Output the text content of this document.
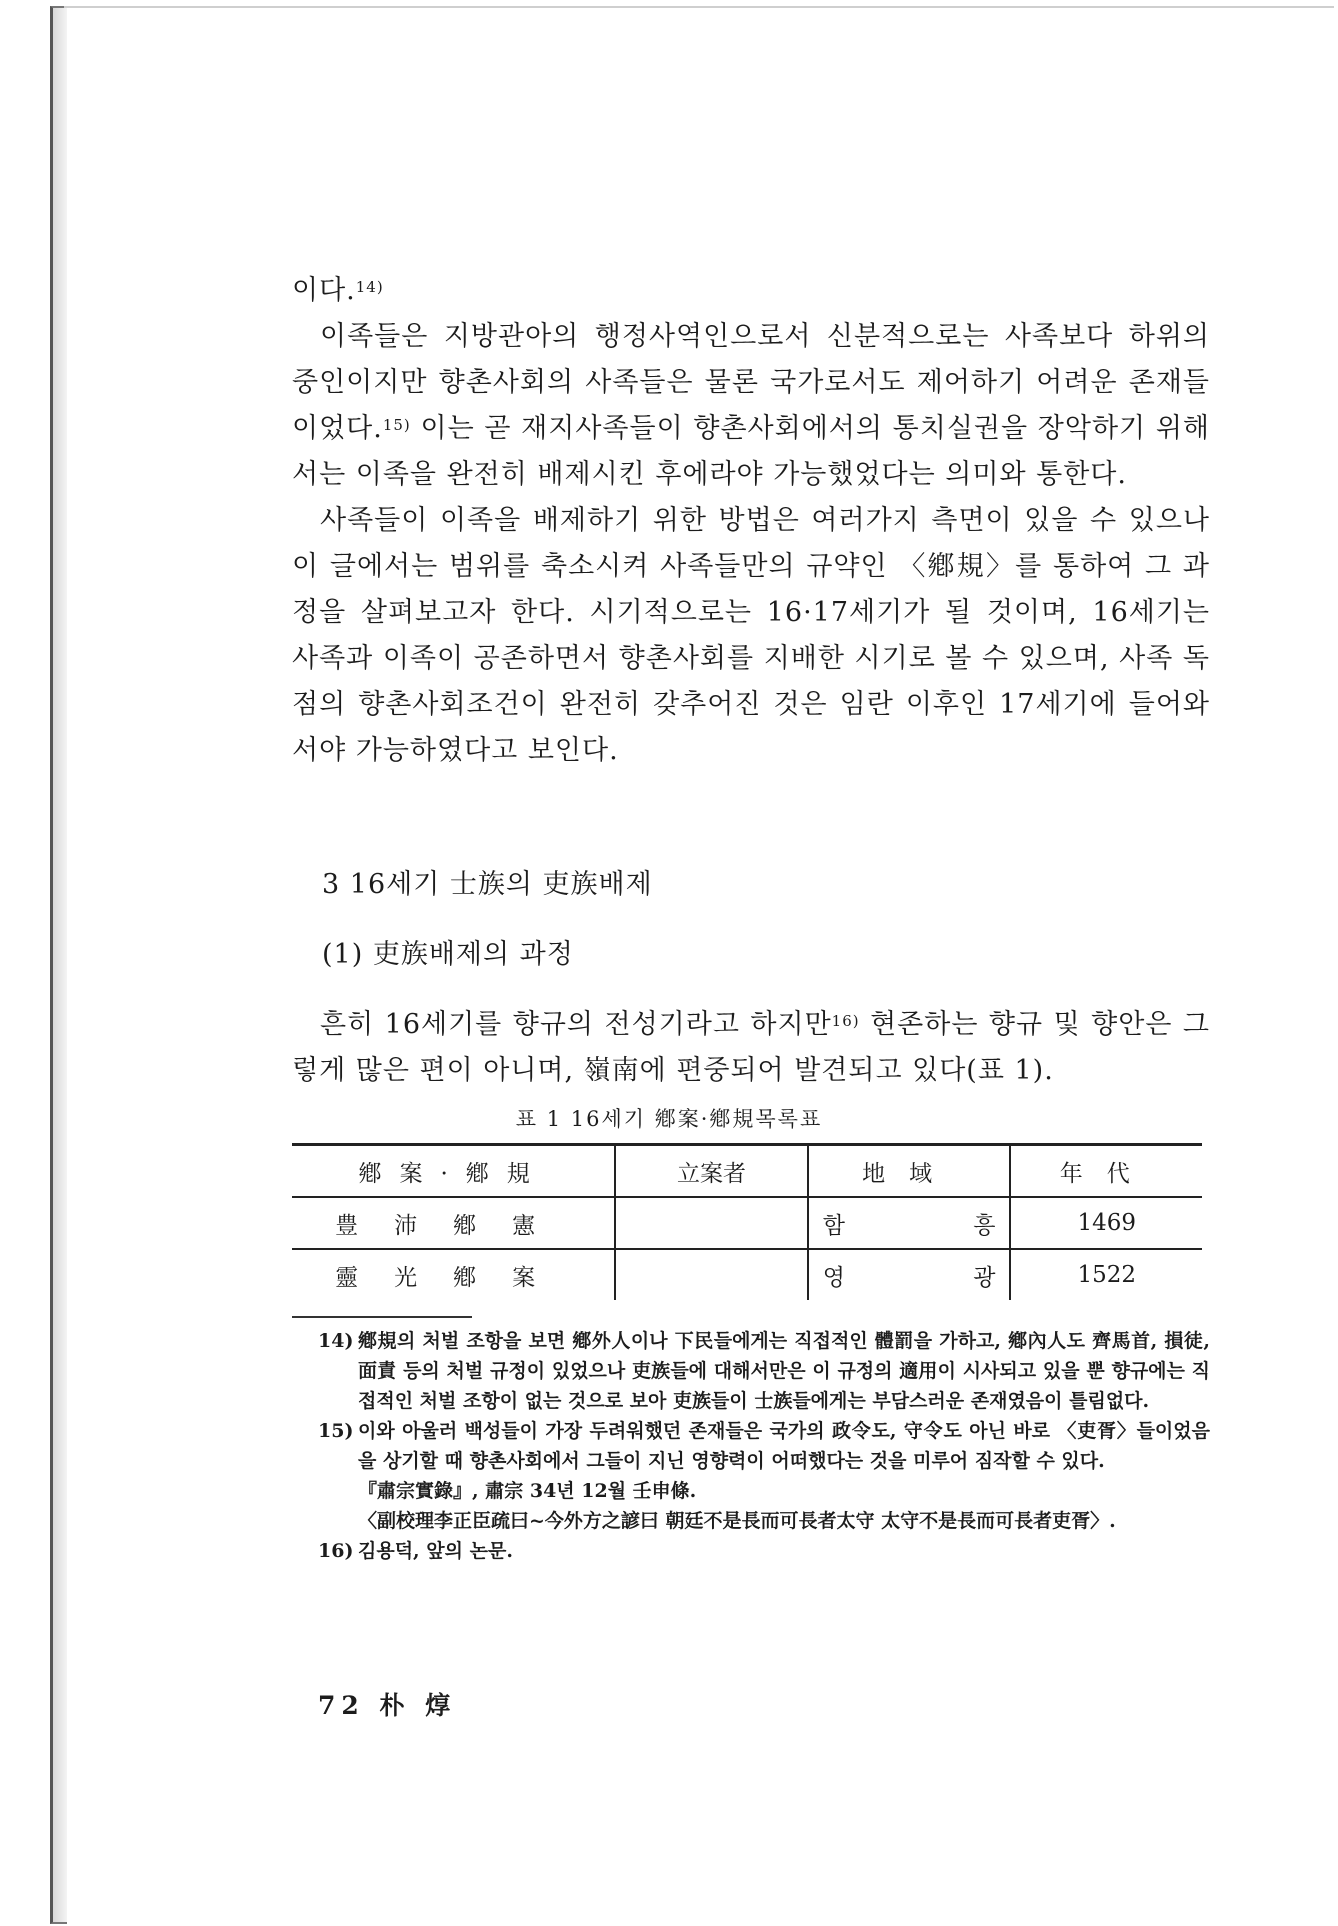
이다.$^{14)}$

이족들은 지방관아의 행정사역인으로서 신분적으로는 사족보다 하위의 중인이지만 향촌사회의 사족들은 물론 국가로서도 제어하기 어려운 존재들이었다.$^{15)}$ 이는 곧 재지사족들이 향촌사회에서의 통치실권을 장악하기 위해서는 이족을 완전히 배제시킨 후에라야 가능했었다는 의미와 통한다.

사족들이 이족을 배제하기 위한 방법은 여러가지 측면이 있을 수 있으나 이 글에서는 범위를 축소시켜 사족들만의 규약인 〈鄕規〉를 통하여 그 과정을 살펴보고자 한다. 시기적으로는 16·17세기가 될 것이며, 16세기는 사족과 이족이 공존하면서 향촌사회를 지배한 시기로 볼 수 있으며, 사족 독점의 향촌사회조건이 완전히 갖추어진 것은 임란 이후인 17세기에 들어와서야 가능하였다고 보인다.

3 16세기 士族의 吏族배제
(1) 吏族배제의 과정

흔히 16세기를 향규의 전성기라고 하지만$^{16)}$ 현존하는 향규 및 향안은 그렇게 많은 편이 아니며, 嶺南에 편중되어 발견되고 있다(표 1).

표 1 16세기 鄕案·鄕規목록표
鄕案·鄕規	立案者	地域	年代
豊沛鄕憲		함 흥	1469
靈光鄕案		영 광	1522
14) 鄕規의 처벌 조항을 보면 鄕外人이나 下民들에게는 직접적인 體罰을 가하고, 鄕內人도 齊馬首, 損徒, 面責 등의 처벌 규정이 있었으나 吏族들에 대해서만은 이 규정의 適用이 시사되고 있을 뿐 향규에는 직접적인 처벌 조항이 없는 것으로 보아 吏族들이 士族들에게는 부담스러운 존재였음이 틀림없다.
15) 이와 아울러 백성들이 가장 두려워했던 존재들은 국가의 政令도, 守令도 아닌 바로 〈吏胥〉들이었음을 상기할 때 향촌사회에서 그들이 지닌 영향력이 어떠했다는 것을 미루어 짐작할 수 있다.
『肅宗實錄』, 肅宗 34년 12월 壬申條.
〈副校理李正臣疏曰~今外方之諺曰 朝廷不是長而可長者太守 太守不是長而可長者吏胥〉.
16) 김용덕, 앞의 논문.
72 朴 焞
